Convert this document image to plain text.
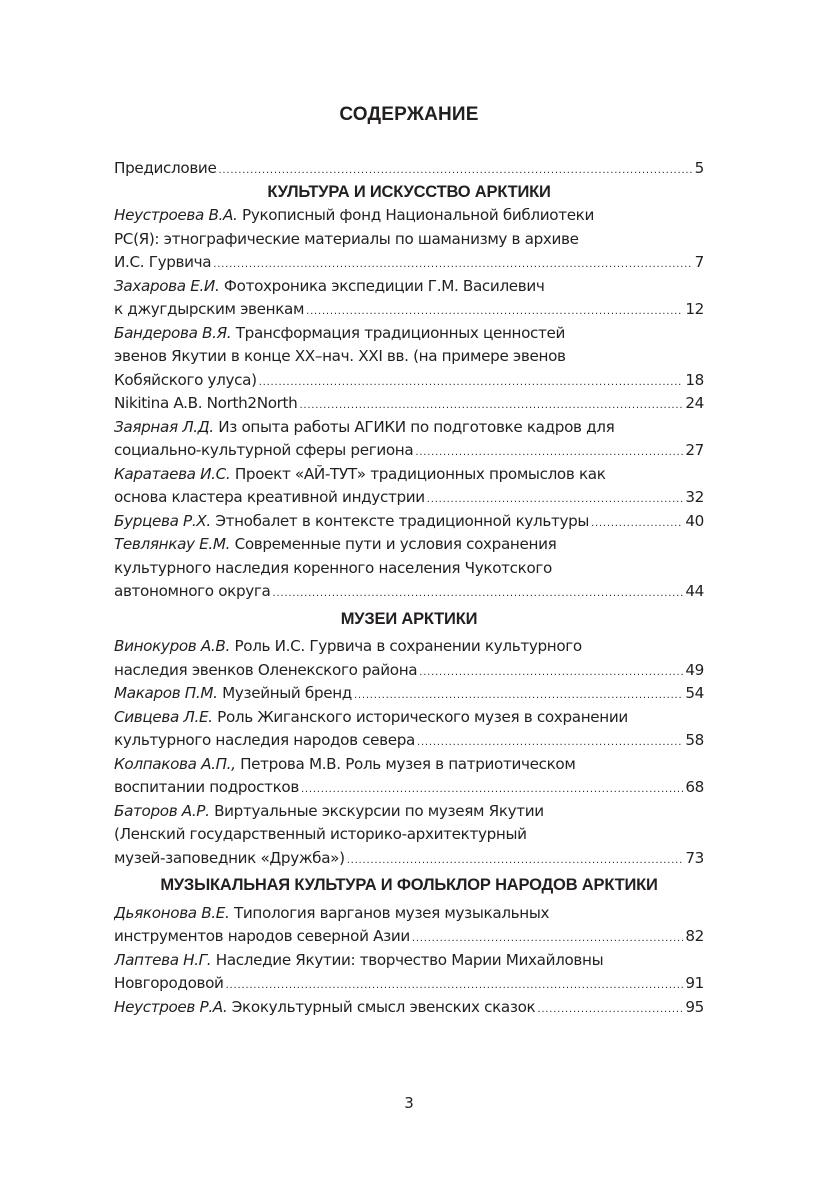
СОДЕРЖАНИЕ
Предисловие . . .	5
КУЛЬТУРА И ИСКУССТВО АРКТИКИ
Неустроева В.А. Рукописный фонд Национальной библиотеки
РС(Я): этнографические материалы по шаманизму в архиве
И.С. Гурвича . . .	7
Захарова Е.И. Фотохроника экспедиции Г.М. Василевич
к джугдырским эвенкам . . .	12
Бандерова В.Я. Трансформация традиционных ценностей
эвенов Якутии в конце XX–нач. XXI вв. (на примере эвенов
Кобяйского улуса) . . .	18
Nikitina A.B. North2North . . .	24
Заярная Л.Д. Из опыта работы АГИКИ по подготовке кадров для
социально-культурной сферы региона . . .	27
Каратаева И.С. Проект «АЙ-ТУТ» традиционных промыслов как
основа кластера креативной индустрии . . .	32
Бурцева Р.Х. Этнобалет в контексте традиционной культуры . . .	40
Тевлянкау Е.М. Современные пути и условия сохранения
культурного наследия коренного населения Чукотского
автономного округа . . .	44
МУЗЕИ АРКТИКИ
Винокуров А.В. Роль И.С. Гурвича в сохранении культурного
наследия эвенков Оленекского района . . .	49
Макаров П.М. Музейный бренд . . .	54
Сивцева Л.Е. Роль Жиганского исторического музея в сохранении
культурного наследия народов севера . . .	58
Колпакова А.П., Петрова М.В. Роль музея в патриотическом
воспитании подростков . . .	68
Баторов А.Р. Виртуальные экскурсии по музеям Якутии
(Ленский государственный историко-архитектурный
музей-заповедник «Дружба») . . .	73
МУЗЫКАЛЬНАЯ КУЛЬТУРА И ФОЛЬКЛОР НАРОДОВ АРКТИКИ
Дьяконова В.Е. Типология варганов музея музыкальных
инструментов народов северной Азии . . .	82
Лаптева Н.Г. Наследие Якутии: творчество Марии Михайловны
Новгородовой . . .	91
Неустроев Р.А. Экокультурный смысл эвенских сказок . . .	95
3
